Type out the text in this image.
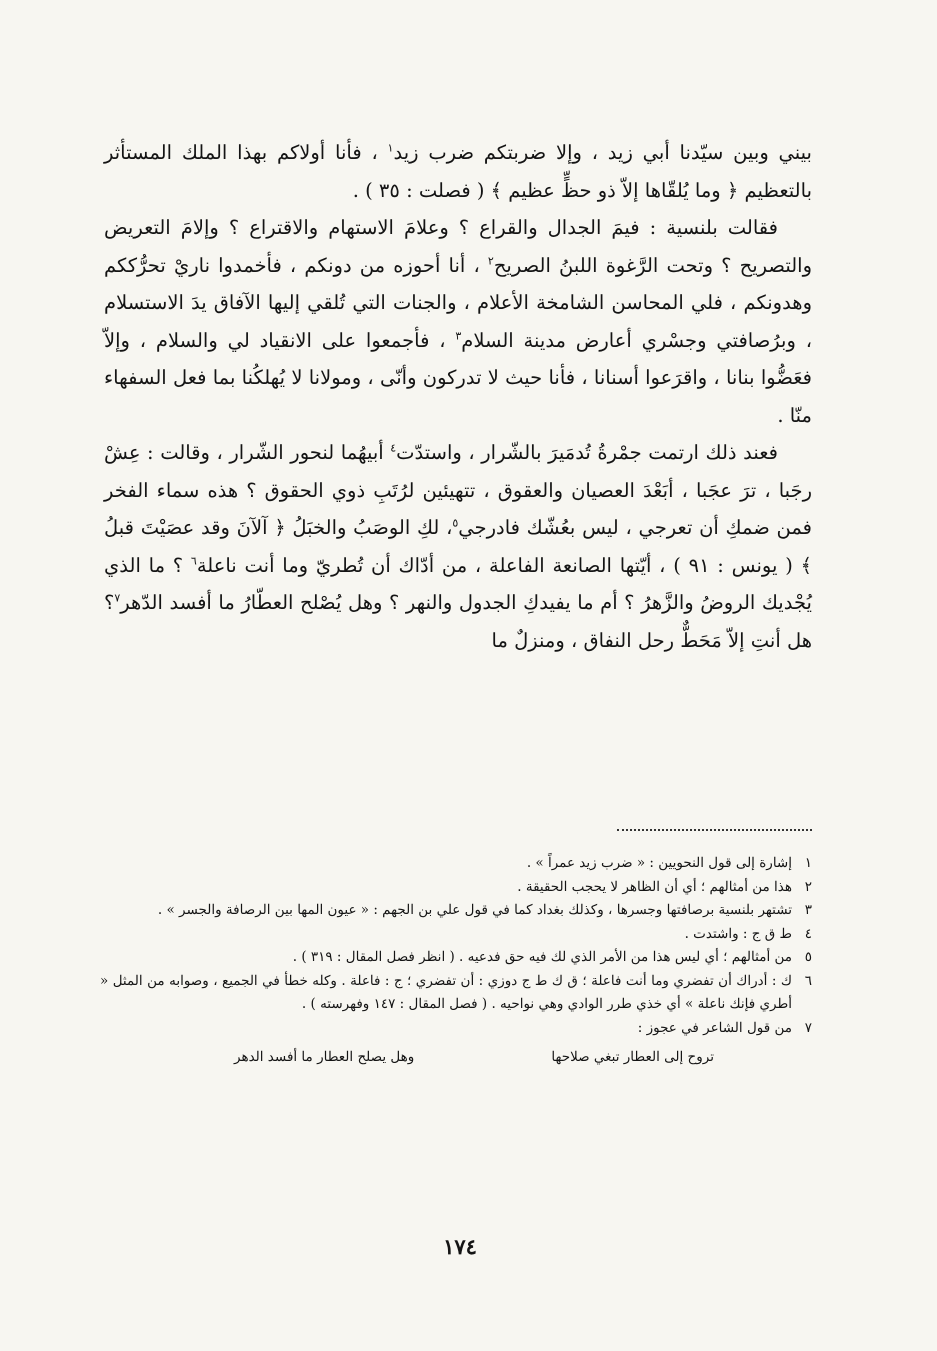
بيني وبين سيّدنا أبي زيد ، وإلا ضربتكم ضرب زيد$^١$ ، فأنا أولاكم بهذا الملك المستأثر بالتعظيم ﴿ وما يُلقّاها إلاّ ذو حظٍّ عظيم ﴾ ( فصلت : ٣٥ ) .

فقالت بلنسية : فيمَ الجدال والقراع ؟ وعلامَ الاستهام والاقتراع ؟ وإلامَ التعريض والتصريح ؟ وتحت الرَّغوة اللبنُ الصريح$^٢$ ، أنا أحوزه من دونكم ، فأخمدوا ناريْ تحرُّككم وهدونكم ، فلي المحاسن الشامخة الأعلام ، والجنات التي تُلقي إليها الآفاق يدَ الاستسلام ، وبرُصافتي وجسْري أعارض مدينة السلام$^٣$ ، فأجمعوا على الانقياد لي والسلام ، وإلاّ فعَضُّوا بنانا ، واقرَعوا أسنانا ، فأنا حيث لا تدركون وأنّى ، ومولانا لا يُهلكُنا بما فعل السفهاء منّا .

فعند ذلك ارتمت جمْرةُ تُدمَيرَ بالشّرار ، واستدّت$^٤$ أبيهُما لنحور الشّرار ، وقالت : عِشْ رجَبا ، ترَ عجَبا ، أبَعْدَ العصيان والعقوق ، تتهيئين لرُتَبِ ذوي الحقوق ؟ هذه سماء الفخر فمن ضمكِ أن تعرجي ، ليس بعُشّك فادرجي$^٥$، لكِ الوصَبُ والخبَلُ ﴿ آلآنَ وقد عصَيْتَ قبلُ ﴾ ( يونس : ٩١ ) ، أيّتها الصانعة الفاعلة ، من أدّاك أن تُطريّ وما أنت ناعلة$^٦$ ؟ ما الذي يُجْديك الروضُ والزَّهرُ ؟ أم ما يفيدكِ الجدول والنهر ؟ وهل يُصْلح العطّارُ ما أفسد الدّهر$^٧$؟ هل أنتِ إلاّ مَحَطٌّ رحل النفاق ، ومنزلٌ ما

١
إشارة إلى قول النحويين : « ضرب زيد عمراً » .
٢
هذا من أمثالهم ؛ أي أن الظاهر لا يحجب الحقيقة .
٣
تشتهر بلنسية برصافتها وجسرها ، وكذلك بغداد كما في قول علي بن الجهم : « عيون المها بين الرصافة والجسر » .
٤
ط ق ج : واشتدت .
٥
من أمثالهم ؛ أي ليس هذا من الأمر الذي لك فيه حق فدعيه . ( انظر فصل المقال : ٣١٩ ) .
٦
ك : أدراك أن تفضري وما أنت فاعلة ؛ ق ك ط ج دوزي : أن تفضري ؛ ج : فاعلة . وكله خطأ في الجميع ، وصوابه من المثل « أطري فإنك ناعلة » أي خذي طرر الوادي وهي نواحيه . ( فصل المقال : ١٤٧ وفهرسته ) .
٧
من قول الشاعر في عجوز :
تروح إلى العطار تبغي صلاحها
وهل يصلح العطار ما أفسد الدهر
١٧٤
